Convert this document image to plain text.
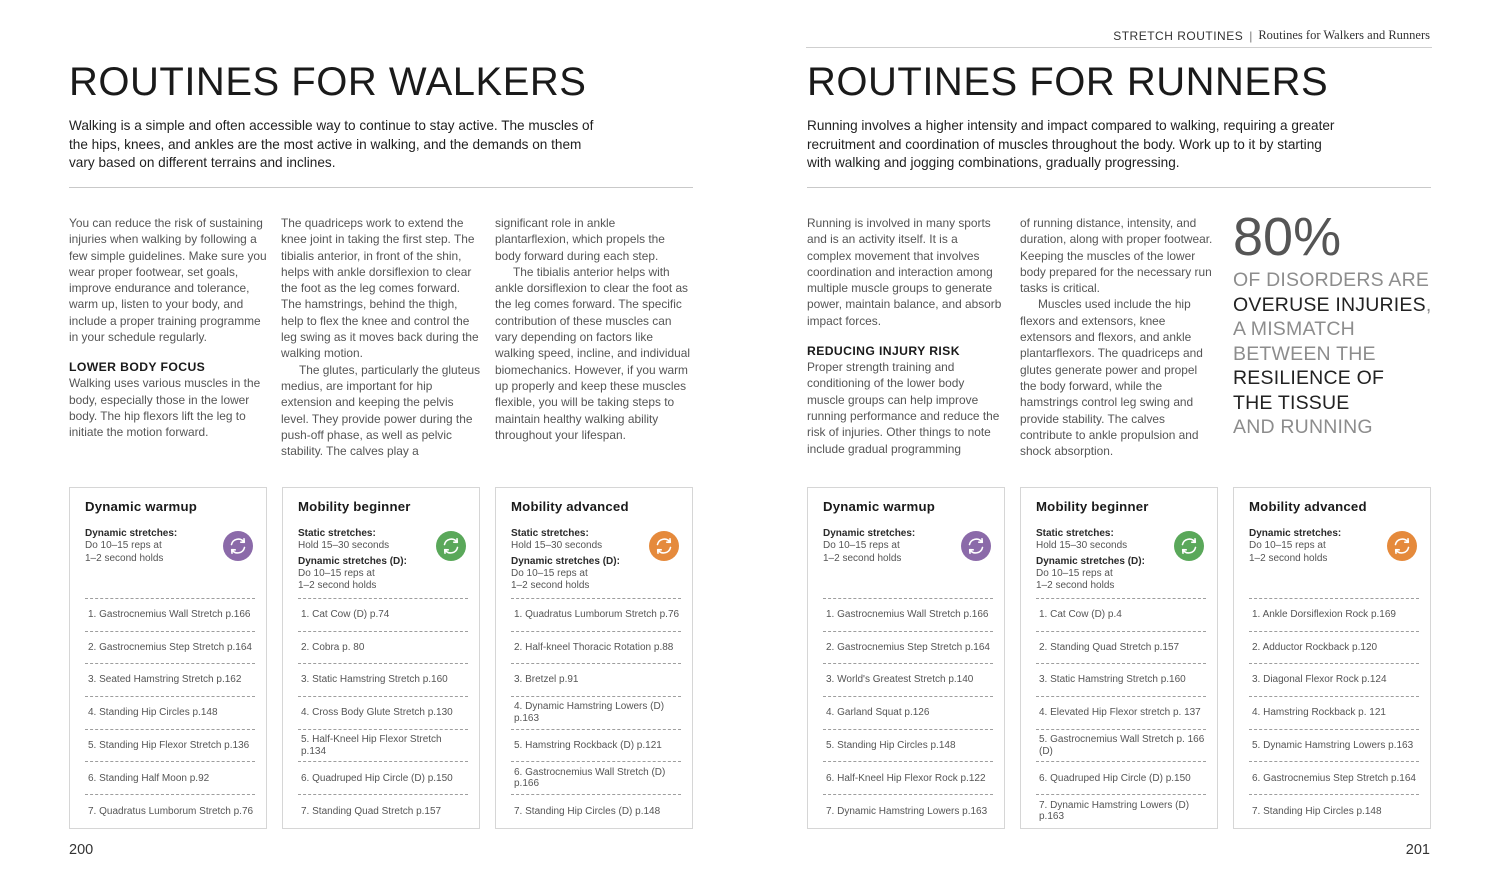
STRETCH ROUTINES | Routines for Walkers and Runners
ROUTINES FOR WALKERS

Walking is a simple and often accessible way to continue to stay active. The muscles of the hips, knees, and ankles are the most active in walking, and the demands on them vary based on different terrains and inclines.

You can reduce the risk of sustaining injuries when walking by following a few simple guidelines. Make sure you wear proper footwear, set goals, improve endurance and tolerance, warm up, listen to your body, and include a proper training programme in your schedule regularly.

LOWER BODY FOCUS

Walking uses various muscles in the body, especially those in the lower body. The hip flexors lift the leg to initiate the motion forward.

The quadriceps work to extend the knee joint in taking the first step. The tibialis anterior, in front of the shin, helps with ankle dorsiflexion to clear the foot as the leg comes forward. The hamstrings, behind the thigh, help to flex the knee and control the leg swing as it moves back during the walking motion.

The glutes, particularly the gluteus medius, are important for hip extension and keeping the pelvis level. They provide power during the push-off phase, as well as pelvic stability. The calves play a

significant role in ankle plantarflexion, which propels the body forward during each step.

The tibialis anterior helps with ankle dorsiflexion to clear the foot as the leg comes forward. The specific contribution of these muscles can vary depending on factors like walking speed, incline, and individual biomechanics. However, if you warm up properly and keep these muscles flexible, you will be taking steps to maintain healthy walking ability throughout your lifespan.

Dynamic warmup
Dynamic stretches:
Do 10–15 reps at
1–2 second holds
1. Gastrocnemius Wall Stretch p.166
2. Gastrocnemius Step Stretch p.164
3. Seated Hamstring Stretch p.162
4. Standing Hip Circles p.148
5. Standing Hip Flexor Stretch p.136
6. Standing Half Moon p.92
7. Quadratus Lumborum Stretch p.76
Mobility beginner
Static stretches:
Hold 15–30 seconds
Dynamic stretches (D):
Do 10–15 reps at
1–2 second holds
1. Cat Cow (D) p.74
2. Cobra p. 80
3. Static Hamstring Stretch p.160
4. Cross Body Glute Stretch p.130
5. Half-Kneel Hip Flexor Stretch p.134
6. Quadruped Hip Circle (D) p.150
7. Standing Quad Stretch p.157
Mobility advanced
Static stretches:
Hold 15–30 seconds
Dynamic stretches (D):
Do 10–15 reps at
1–2 second holds
1. Quadratus Lumborum Stretch p.76
2. Half-kneel Thoracic Rotation p.88
3. Bretzel p.91
4. Dynamic Hamstring Lowers (D) p.163
5. Hamstring Rockback (D) p.121
6. Gastrocnemius Wall Stretch (D) p.166
7. Standing Hip Circles (D) p.148
200
ROUTINES FOR RUNNERS

Running involves a higher intensity and impact compared to walking, requiring a greater recruitment and coordination of muscles throughout the body. Work up to it by starting with walking and jogging combinations, gradually progressing.

Running is involved in many sports and is an activity itself. It is a complex movement that involves coordination and interaction among multiple muscle groups to generate power, maintain balance, and absorb impact forces.

REDUCING INJURY RISK

Proper strength training and conditioning of the lower body muscle groups can help improve running performance and reduce the risk of injuries. Other things to note include gradual programming

of running distance, intensity, and duration, along with proper footwear. Keeping the muscles of the lower body prepared for the necessary run tasks is critical.

Muscles used include the hip flexors and extensors, knee extensors and flexors, and ankle plantarflexors. The quadriceps and glutes generate power and propel the body forward, while the hamstrings control leg swing and provide stability. The calves contribute to ankle propulsion and shock absorption.

80%
OF DISORDERS ARE
OVERUSE INJURIES,
A MISMATCH
BETWEEN THE
RESILIENCE OF
THE TISSUE
AND RUNNING
Dynamic warmup
Dynamic stretches:
Do 10–15 reps at
1–2 second holds
1. Gastrocnemius Wall Stretch p.166
2. Gastrocnemius Step Stretch p.164
3. World's Greatest Stretch p.140
4. Garland Squat p.126
5. Standing Hip Circles p.148
6. Half-Kneel Hip Flexor Rock p.122
7. Dynamic Hamstring Lowers p.163
Mobility beginner
Static stretches:
Hold 15–30 seconds
Dynamic stretches (D):
Do 10–15 reps at
1–2 second holds
1. Cat Cow (D) p.4
2. Standing Quad Stretch p.157
3. Static Hamstring Stretch p.160
4. Elevated Hip Flexor stretch p. 137
5. Gastrocnemius Wall Stretch p. 166 (D)
6. Quadruped Hip Circle (D) p.150
7. Dynamic Hamstring Lowers (D) p.163
Mobility advanced
Dynamic stretches:
Do 10–15 reps at
1–2 second holds
1. Ankle Dorsiflexion Rock p.169
2. Adductor Rockback p.120
3. Diagonal Flexor Rock p.124
4. Hamstring Rockback p. 121
5. Dynamic Hamstring Lowers p.163
6. Gastrocnemius Step Stretch p.164
7. Standing Hip Circles p.148
201
